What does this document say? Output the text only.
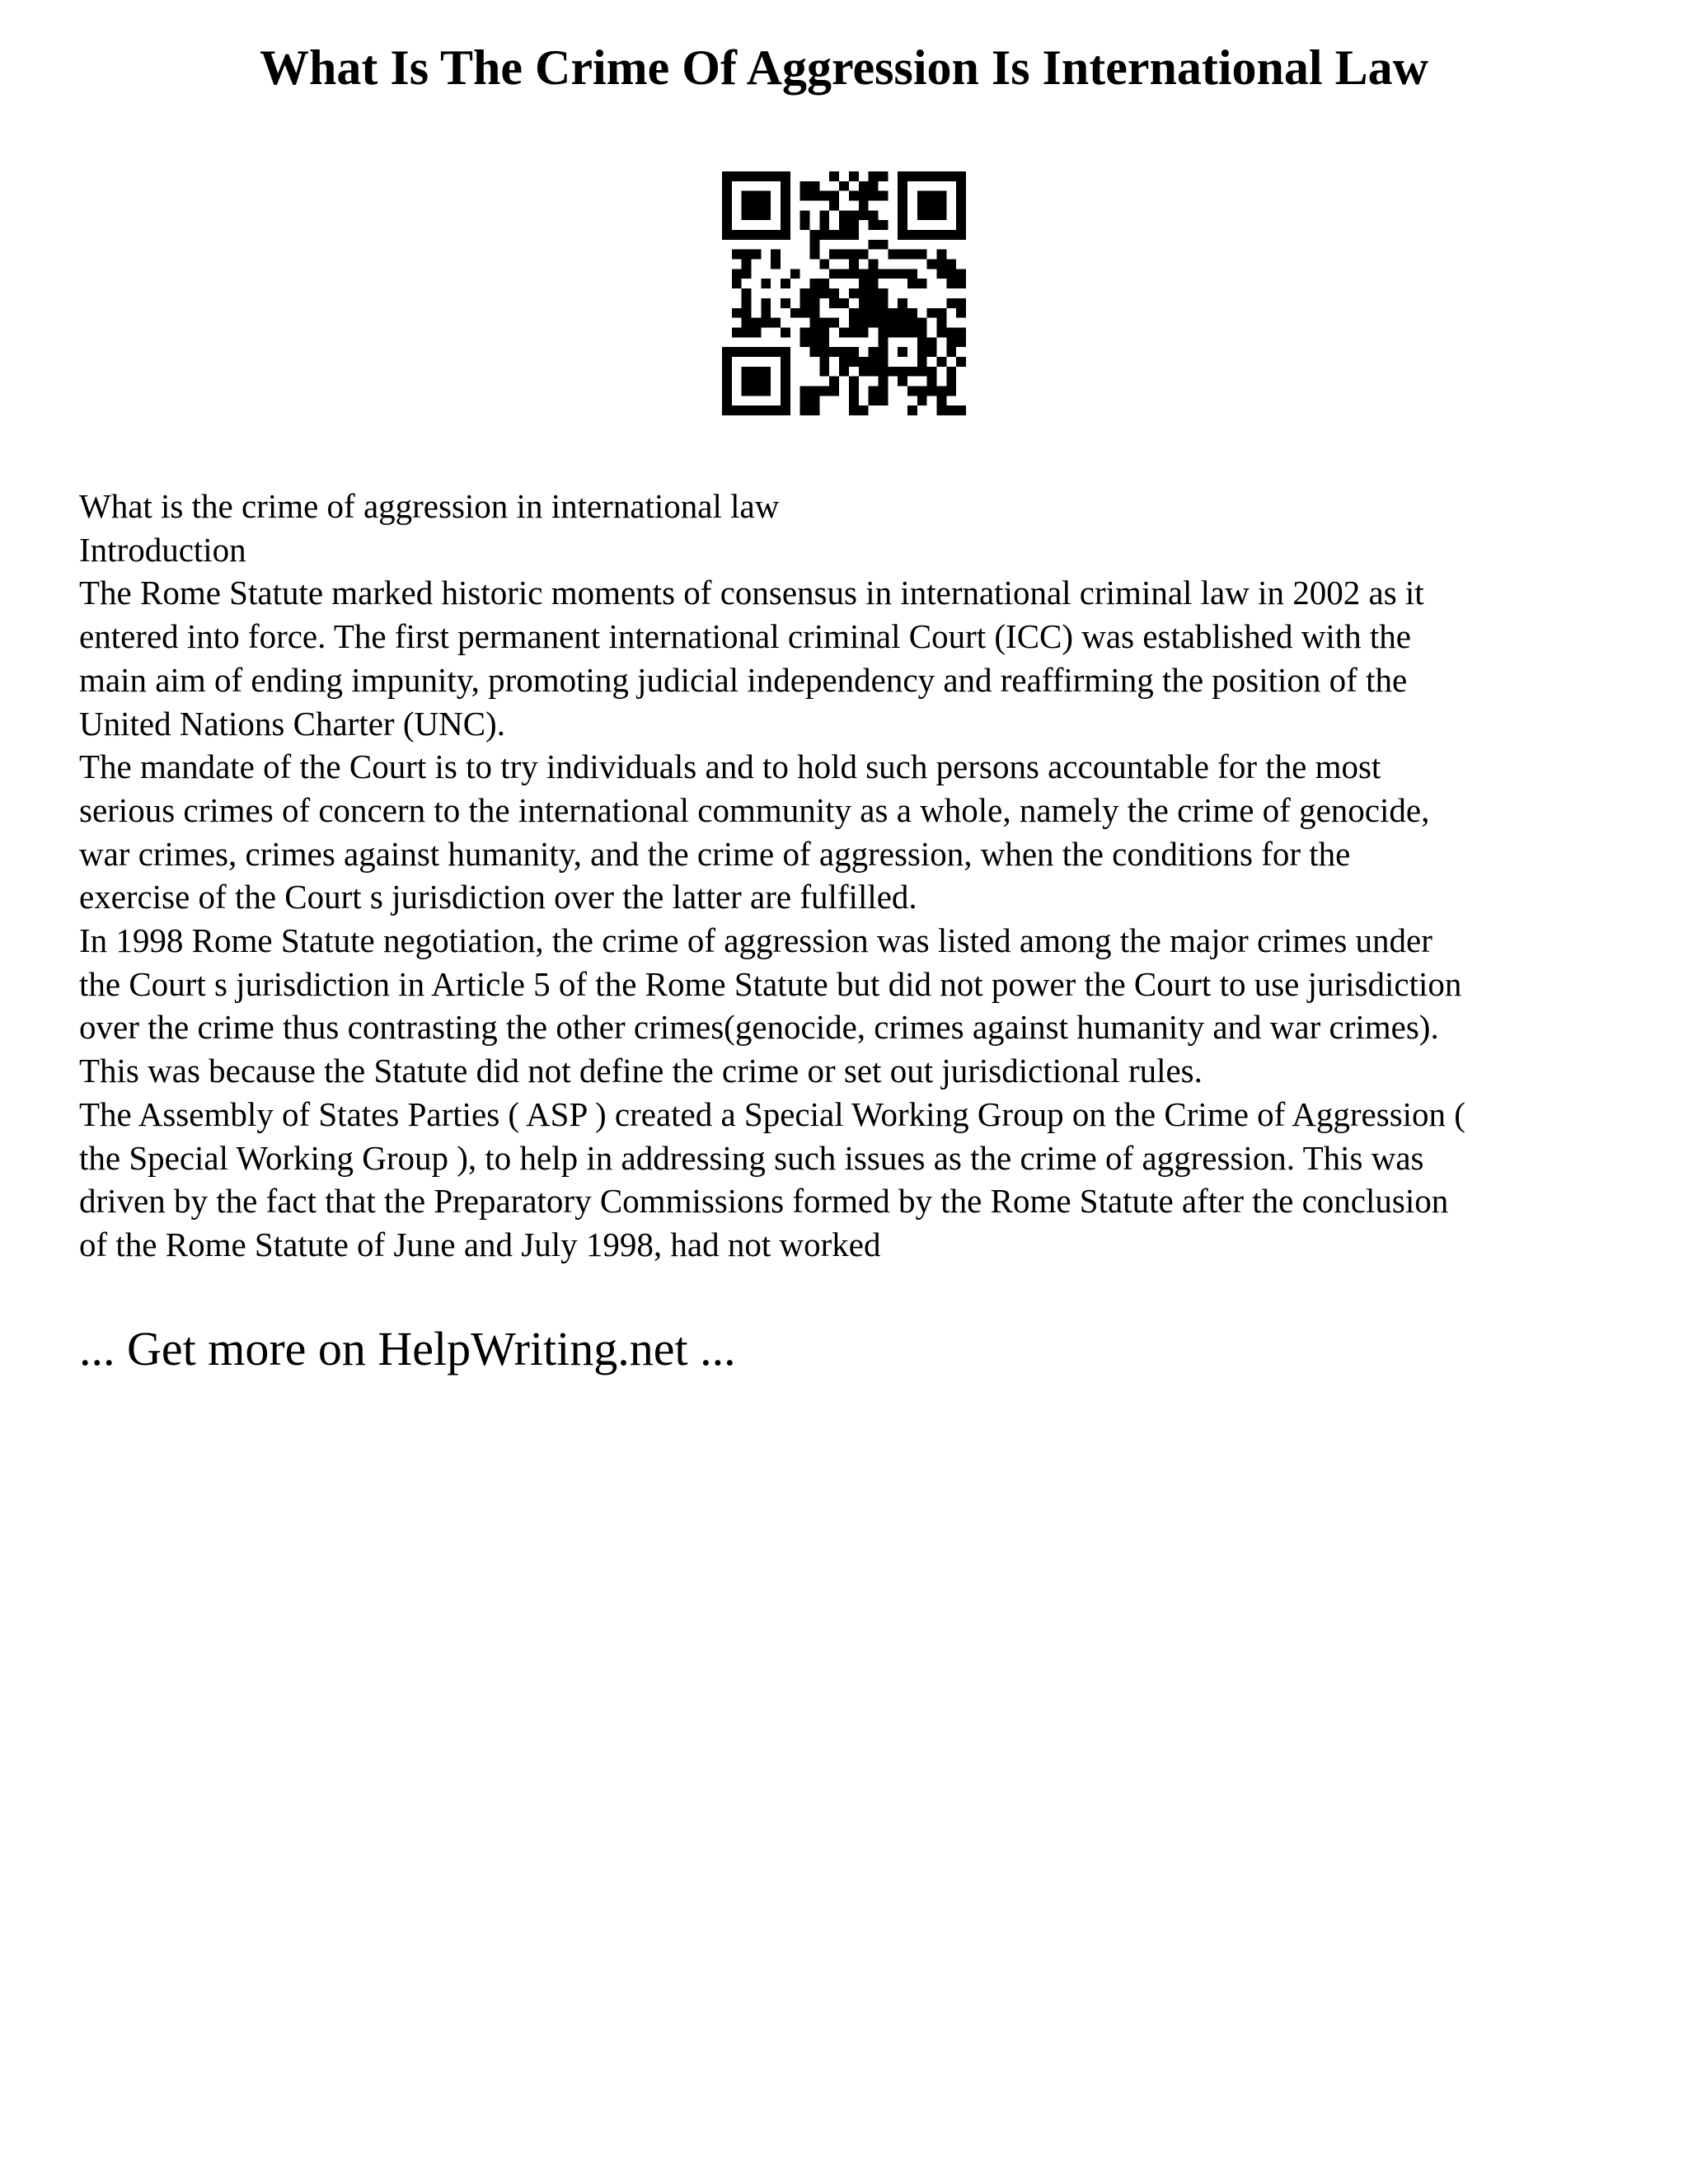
What Is The Crime Of Aggression Is International Law
What is the crime of aggression in international law
Introduction
The Rome Statute marked historic moments of consensus in international criminal law in 2002 as it
entered into force. The first permanent international criminal Court (ICC) was established with the
main aim of ending impunity, promoting judicial independency and reaffirming the position of the
United Nations Charter (UNC).
The mandate of the Court is to try individuals and to hold such persons accountable for the most
serious crimes of concern to the international community as a whole, namely the crime of genocide,
war crimes, crimes against humanity, and the crime of aggression, when the conditions for the
exercise of the Court s jurisdiction over the latter are fulfilled.
In 1998 Rome Statute negotiation, the crime of aggression was listed among the major crimes under
the Court s jurisdiction in Article 5 of the Rome Statute but did not power the Court to use jurisdiction
over the crime thus contrasting the other crimes(genocide, crimes against humanity and war crimes).
This was because the Statute did not define the crime or set out jurisdictional rules.
The Assembly of States Parties ( ASP ) created a Special Working Group on the Crime of Aggression (
the Special Working Group ), to help in addressing such issues as the crime of aggression. This was
driven by the fact that the Preparatory Commissions formed by the Rome Statute after the conclusion
of the Rome Statute of June and July 1998, had not worked
... Get more on HelpWriting.net ...
